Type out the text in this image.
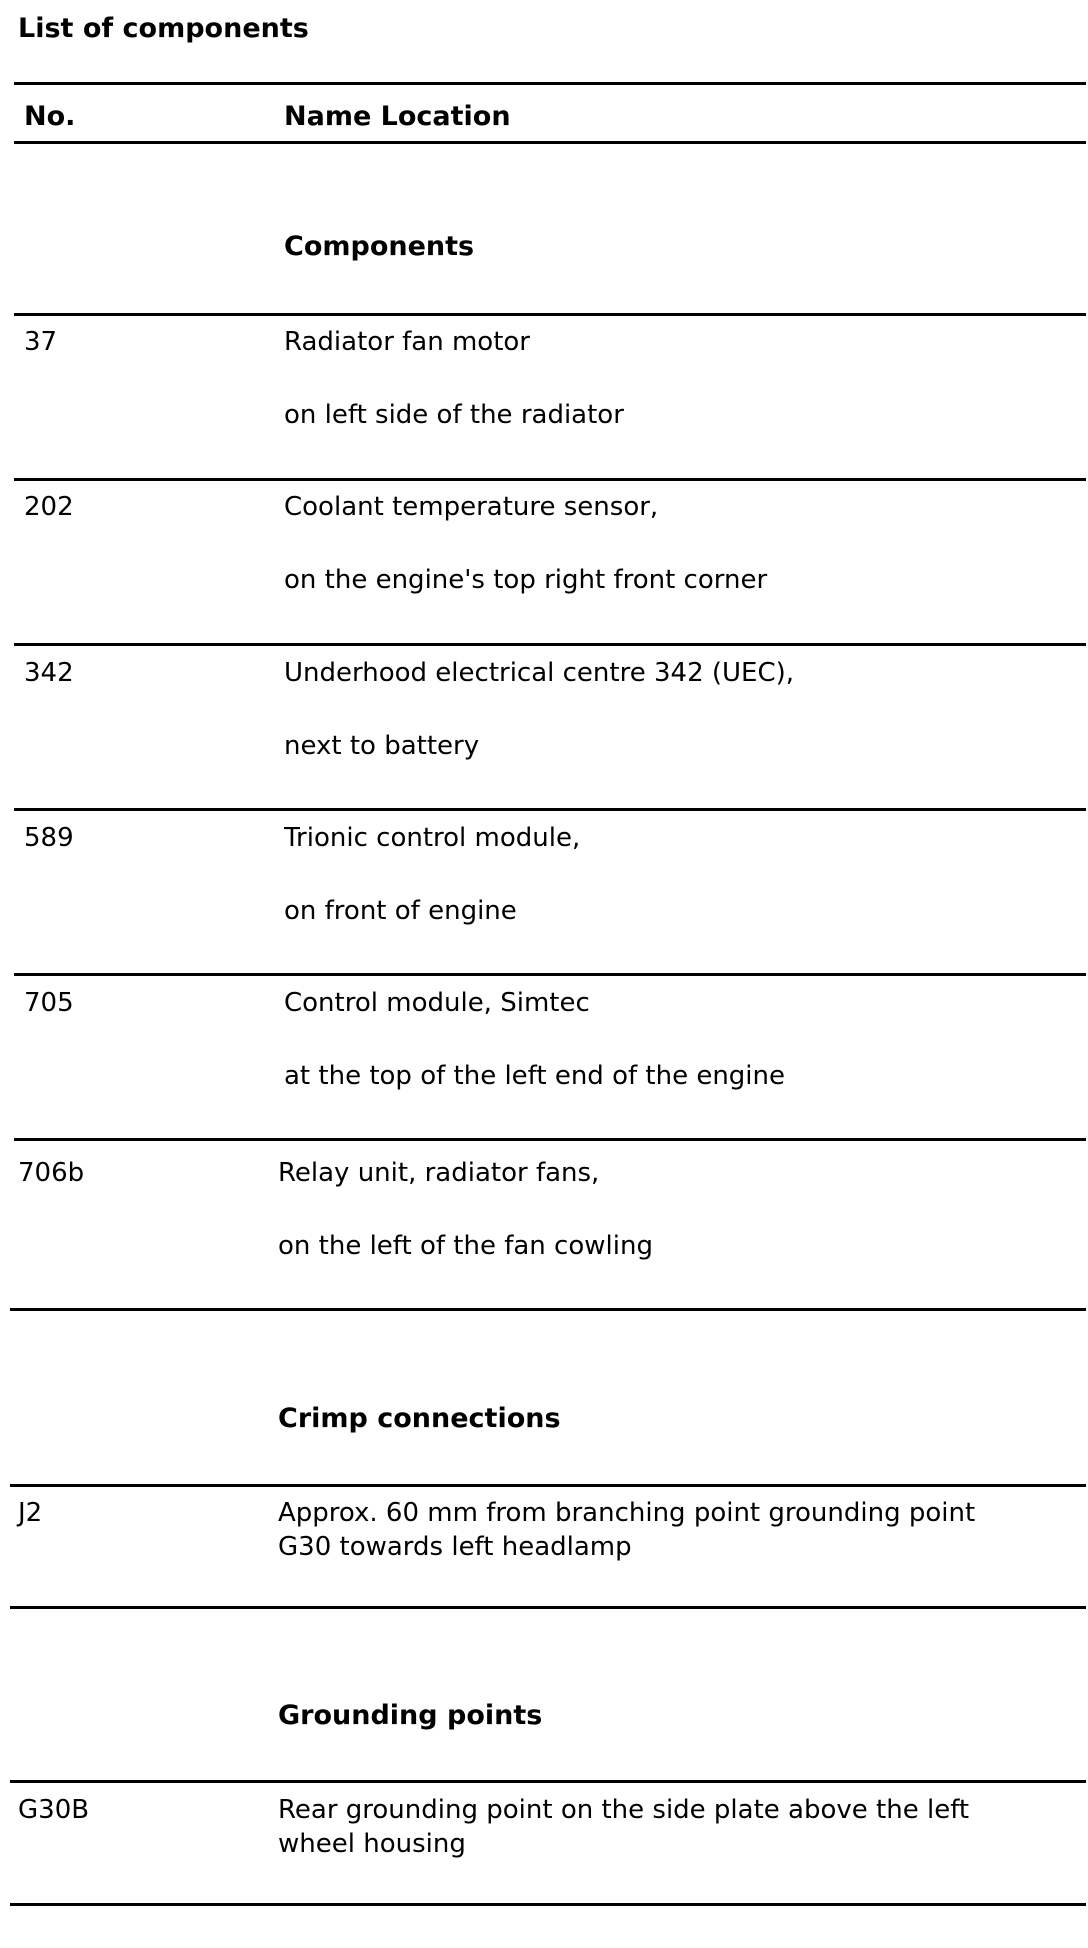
List of components
No.	Name Location
Components
37	Radiator fan motor
on left side of the radiator
202	Coolant temperature sensor,
on the engine's top right front corner
342	Underhood electrical centre 342 (UEC),
next to battery
589	Trionic control module,
on front of engine
705	Control module, Simtec
at the top of the left end of the engine
706b	Relay unit, radiator fans,
on the left of the fan cowling
Crimp connections
J2	Approx. 60 mm from branching point grounding point
G30 towards left headlamp
Grounding points
G30B	Rear grounding point on the side plate above the left
wheel housing
